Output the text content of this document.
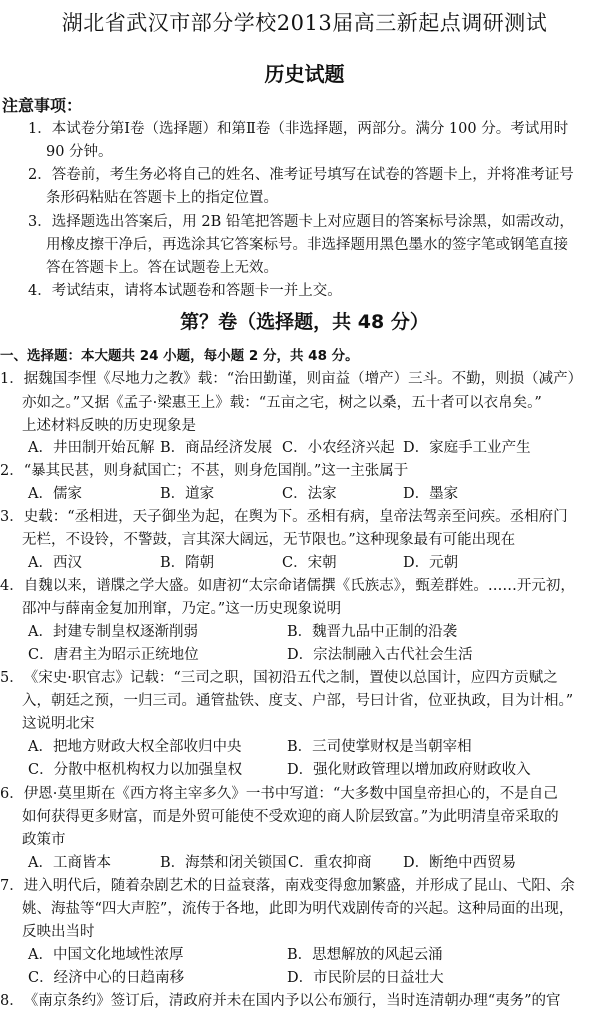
湖北省武汉市部分学校2013届高三新起点调研测试
历史试题
注意事项：
1．本试卷分第Ⅰ卷（选择题）和第Ⅱ卷（非选择题，两部分。满分 100 分。考试用时
90 分钟。
2．答卷前，考生务必将自己的姓名、准考证号填写在试卷的答题卡上，并将准考证号
条形码粘贴在答题卡上的指定位置。
3．选择题选出答案后，用 2B 铅笔把答题卡上对应题目的答案标号涂黑，如需改动，
用橡皮擦干净后，再选涂其它答案标号。非选择题用黑色墨水的签字笔或钢笔直接
答在答题卡上。答在试题卷上无效。
4．考试结束，请将本试题卷和答题卡一并上交。
第？卷（选择题，共 48 分）
一、选择题：本大题共 24 小题，每小题 2 分，共 48 分。
1．据魏国李悝《尽地力之教》载：“治田勤谨，则亩益（增产）三斗。不勤，则损（减产）
亦如之。”又据《孟子·梁惠王上》载：“五亩之宅，树之以桑，五十者可以衣帛矣。”
上述材料反映的历史现象是
A．井田制开始瓦解 B．商品经济发展 C．小农经济兴起 D．家庭手工业产生
2．“暴其民甚，则身弑国亡；不甚，则身危国削。”这一主张属于
A．儒家	B．道家	C．法家	D．墨家
3．史载：“丞相进，天子御坐为起，在舆为下。丞相有病，皇帝法驾亲至问疾。丞相府门
无栏，不设铃，不警鼓，言其深大阔远，无节限也。”这种现象最有可能出现在
A．西汉	B．隋朝	C．宋朝	D．元朝
4．自魏以来，谱牒之学大盛。如唐初“太宗命诸儒撰《氏族志》，甄差群姓。……开元初，
邵冲与薛南金复加刑窜，乃定。”这一历史现象说明
A．封建专制皇权逐渐削弱	B．魏晋九品中正制的沿袭
C．唐君主为昭示正统地位	D．宗法制融入古代社会生活
5．《宋史·职官志》记载：“三司之职，国初沿五代之制，置使以总国计，应四方贡赋之
入，朝廷之预，一归三司。通管盐铁、度支、户部，号曰计省，位亚执政，目为计相。”
这说明北宋
A．把地方财政大权全部收归中央	B．三司使掌财权是当朝宰相
C．分散中枢机构权力以加强皇权	D．强化财政管理以增加政府财政收入
6．伊恩·莫里斯在《西方将主宰多久》一书中写道：“大多数中国皇帝担心的，不是自己
如何获得更多财富，而是外贸可能使不受欢迎的商人阶层致富。”为此明清皇帝采取的
政策市
A．工商皆本	B．海禁和闭关锁国 C．重农抑商 D．断绝中西贸易
7．进入明代后，随着杂剧艺术的日益衰落，南戏变得愈加繁盛，并形成了昆山、弋阳、余
姚、海盐等“四大声腔”，流传于各地，此即为明代戏剧传奇的兴起。这种局面的出现，
反映出当时
A．中国文化地域性浓厚	B．思想解放的风起云涌
C．经济中心的日趋南移	D．市民阶层的日益壮大
8．《南京条约》签订后，清政府并未在国内予以公布颁行，当时连清朝办理“夷务”的官
